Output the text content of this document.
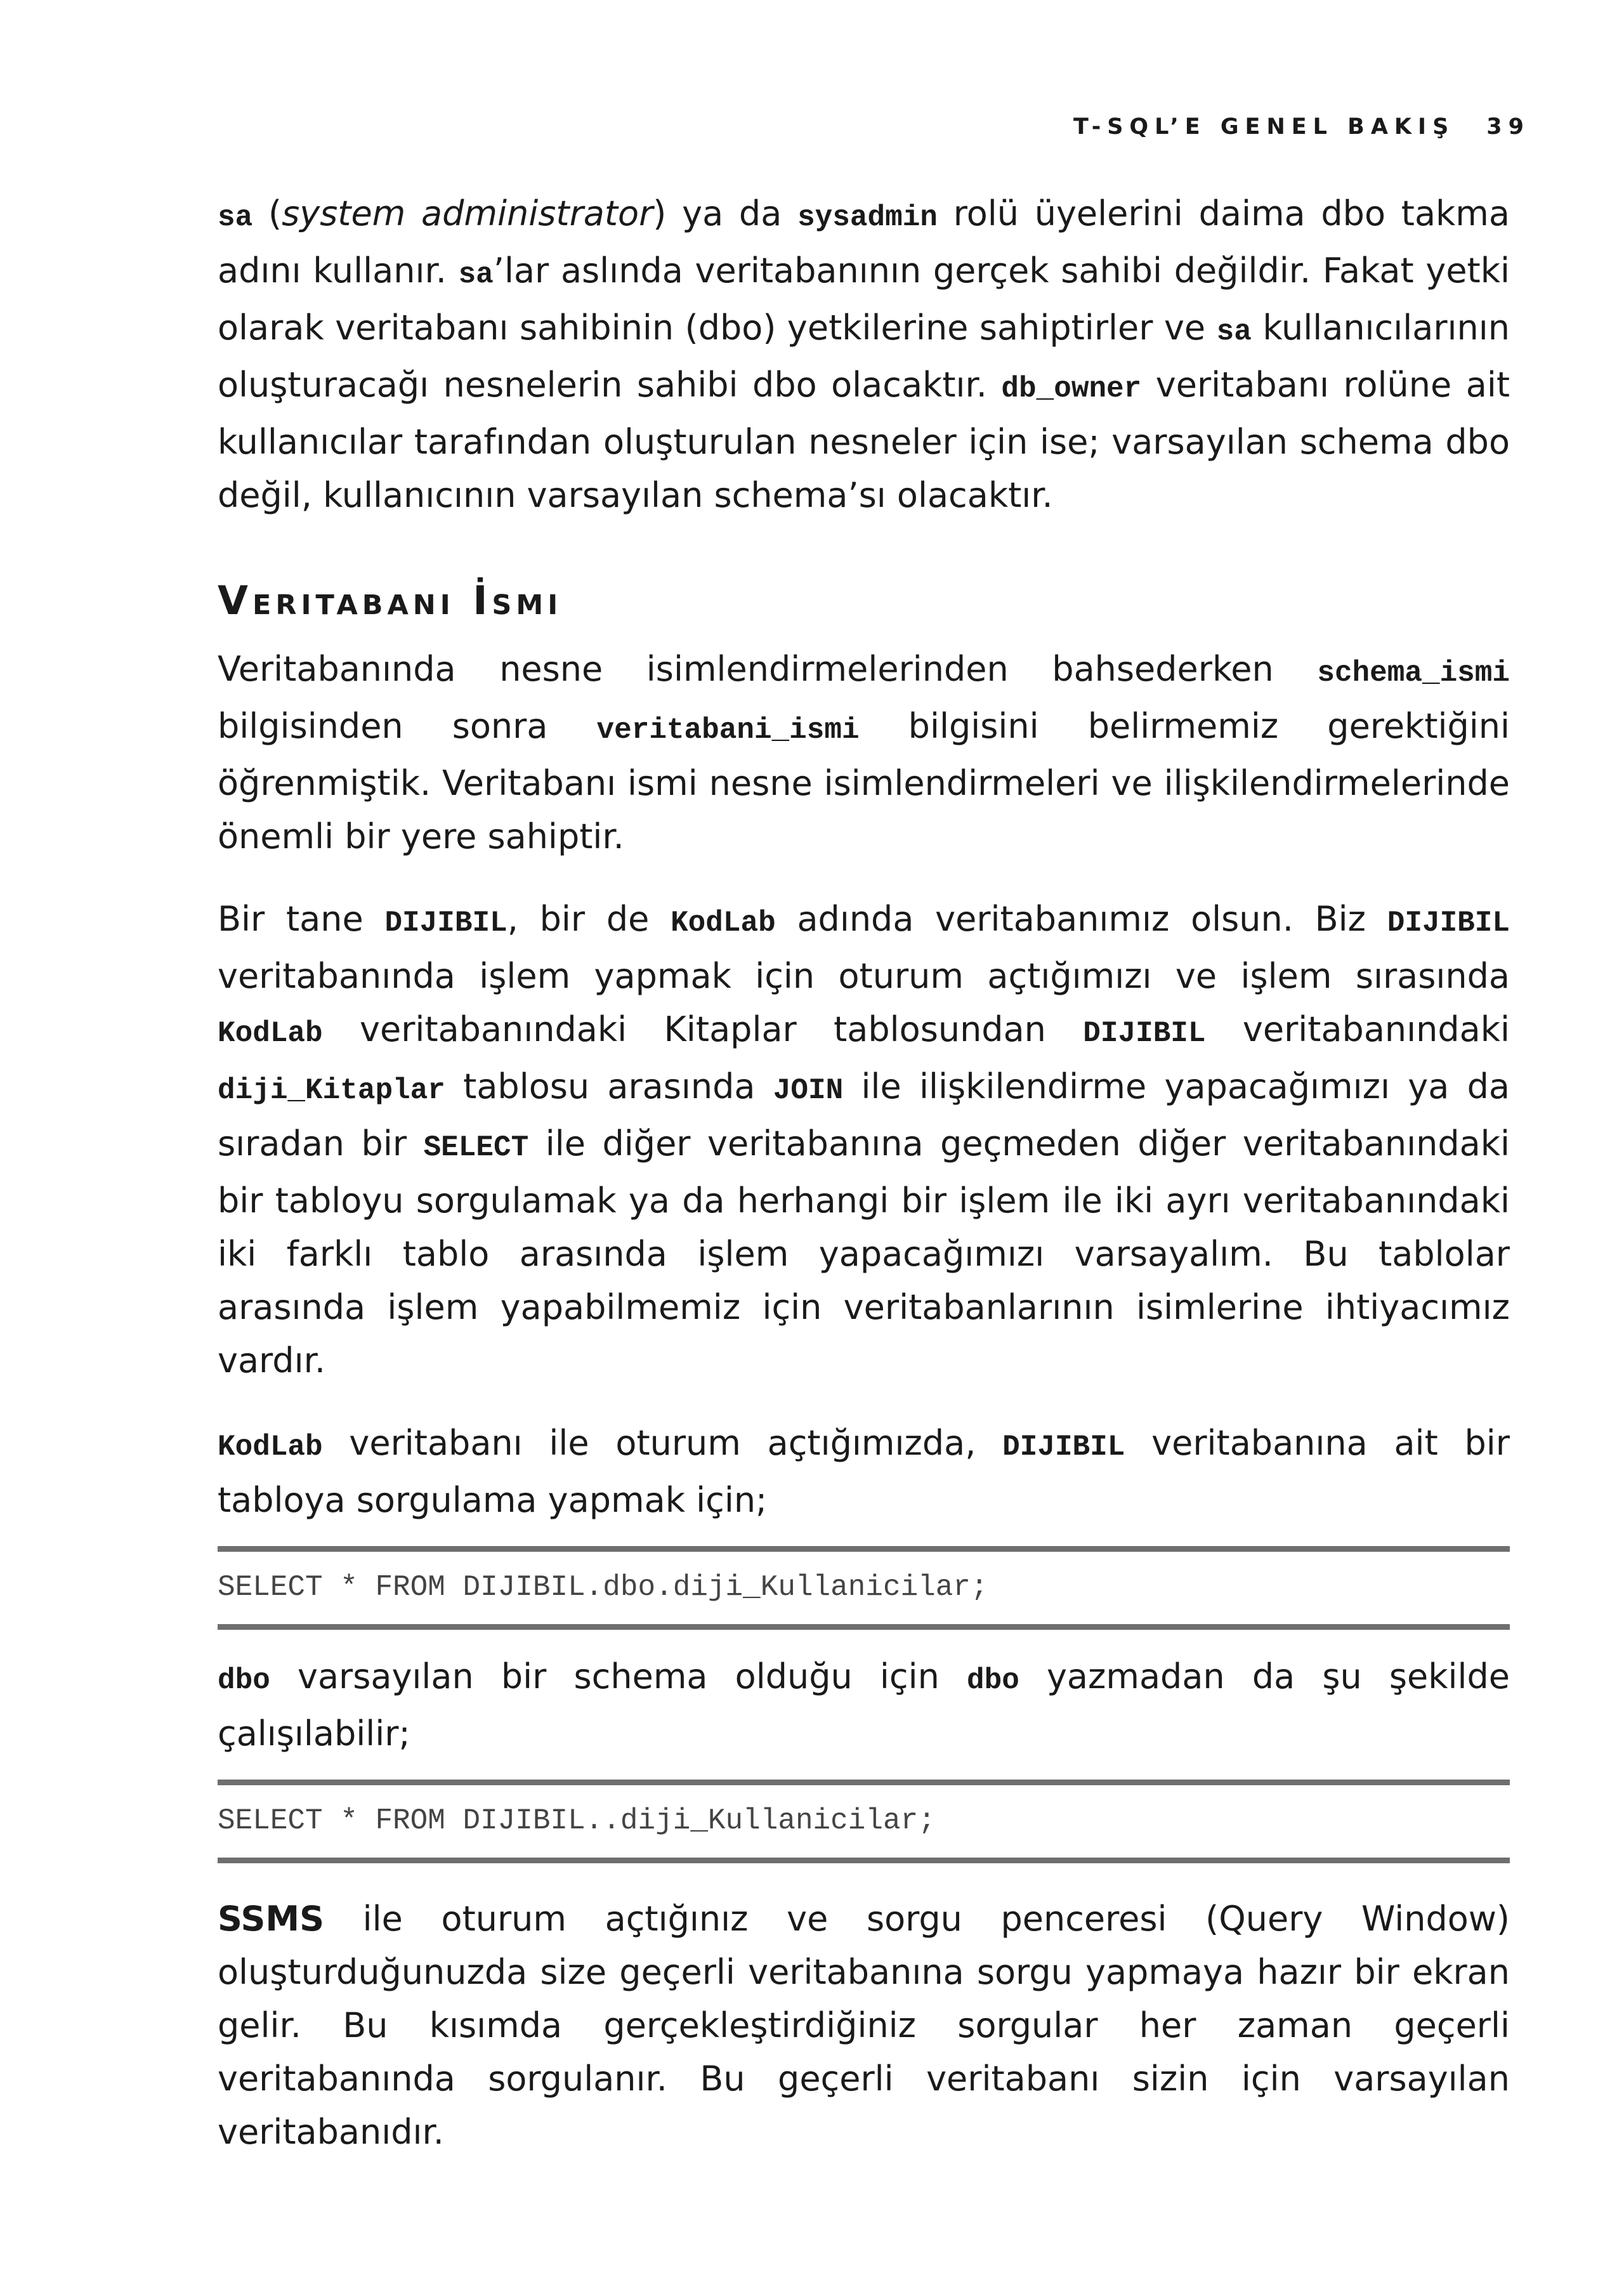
T-SQL’E GENEL BAKIŞ 39

sa (system administrator) ya da sysadmin rolü üyelerini daima dbo takma adını kullanır. sa’lar aslında veritabanının gerçek sahibi değildir. Fakat yetki olarak veritabanı sahibinin (dbo) yetkilerine sahiptirler ve sa kullanıcılarının oluşturacağı nesnelerin sahibi dbo olacaktır. db_owner veritabanı rolüne ait kullanıcılar tarafından oluşturulan nesneler için ise; varsayılan schema dbo değil, kullanıcının varsayılan schema’sı olacaktır.

Veritabanı İsmi

Veritabanında nesne isimlendirmelerinden bahsederken schema_ismi bilgisinden sonra veritabani_ismi bilgisini belirmemiz gerektiğini öğrenmiştik. Veritabanı ismi nesne isimlendirmeleri ve ilişkilendirmelerinde önemli bir yere sahiptir.

Bir tane DIJIBIL, bir de KodLab adında veritabanımız olsun. Biz DIJIBIL veritabanında işlem yapmak için oturum açtığımızı ve işlem sırasında KodLab veritabanındaki Kitaplar tablosundan DIJIBIL veritabanındaki diji_Kitaplar tablosu arasında JOIN ile ilişkilendirme yapacağımızı ya da sıradan bir SELECT ile diğer veritabanına geçmeden diğer veritabanındaki bir tabloyu sorgulamak ya da herhangi bir işlem ile iki ayrı veritabanındaki iki farklı tablo arasında işlem yapacağımızı varsayalım. Bu tablolar arasında işlem yapabilmemiz için veritabanlarının isimlerine ihtiyacımız vardır.

KodLab veritabanı ile oturum açtığımızda, DIJIBIL veritabanına ait bir tabloya sorgulama yapmak için;

SELECT * FROM DIJIBIL.dbo.diji_Kullanicilar;

dbo varsayılan bir schema olduğu için dbo yazmadan da şu şekilde çalışılabilir;

SELECT * FROM DIJIBIL..diji_Kullanicilar;

SSMS ile oturum açtığınız ve sorgu penceresi (Query Window) oluşturduğunuzda size geçerli veritabanına sorgu yapmaya hazır bir ekran gelir. Bu kısımda gerçekleştirdiğiniz sorgular her zaman geçerli veritabanında sorgulanır. Bu geçerli veritabanı sizin için varsayılan veritabanıdır.
